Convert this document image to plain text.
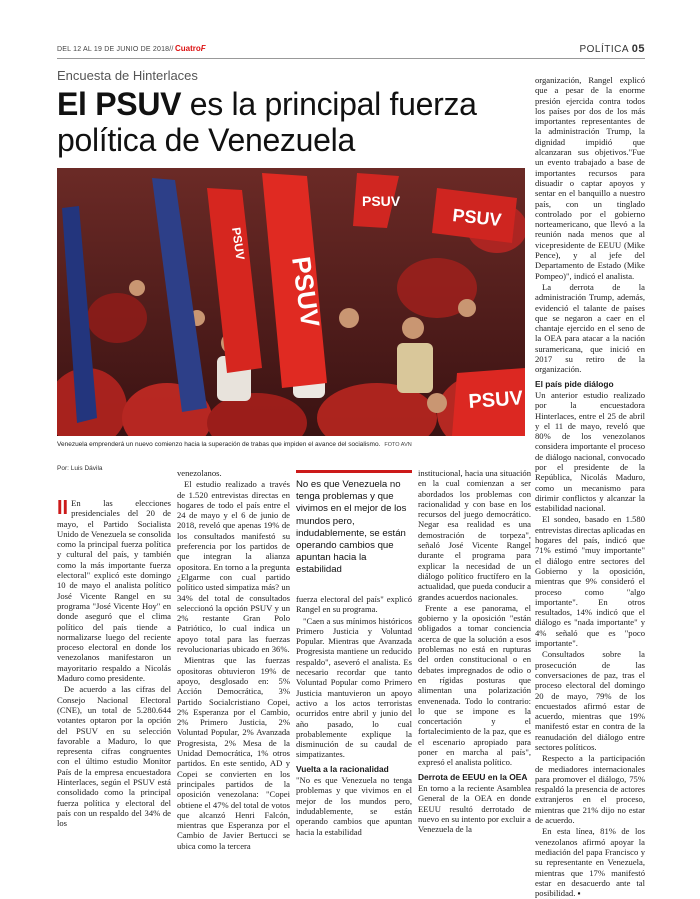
DEL 12 AL 19 DE JUNIO DE 2018// CuatroF	POLÍTICA 05
Encuesta de Hinterlaces
El PSUV es la principal fuerza política de Venezuela
PSUV
PSUV
PSUV
PSUV
PSUV
Venezuela emprenderá un nuevo comienzo hacia la superación de trabas que impiden el avance del socialismo. FOTO AVN
Por: Luis Dávila

II En las elecciones presidenciales del 20 de mayo, el Partido Socialista Unido de Venezuela se consolida como la principal fuerza política y cultural del país, y también como la más importante fuerza electoral" explicó este domingo 10 de mayo el analista político José Vicente Rangel en su programa "José Vicente Hoy" en donde aseguró que el clima político del país tiende a normalizarse luego del reciente proceso electoral en donde los venezolanos manifestaron un mayoritario respaldo a Nicolás Maduro como presidente.

De acuerdo a las cifras del Consejo Nacional Electoral (CNE), un total de 5.280.644 votantes optaron por la opción del PSUV en su selección favorable a Maduro, lo que representa cifras congruentes con el último estudio Monitor País de la empresa encuestadora Hinterlaces, según el PSUV está consolidado como la principal fuerza política y electoral del país con un respaldo del 34% de los

venezolanos.

El estudio realizado a través de 1.520 entrevistas directas en hogares de todo el país entre el 24 de mayo y el 6 de junio de 2018, reveló que apenas 19% de los consultados manifestó su preferencia por los partidos de que integran la alianza opositora. En torno a la pregunta ¿Elgarme con cual partido político usted simpatiza más? un 34% del total de consultados seleccionó la opción PSUV y un 2% restante Gran Polo Patriótico, lo cual indica un apoyo total para las fuerzas revolucionarias ubicado en 36%.

Mientras que las fuerzas opositoras obtuvieron 19% de apoyo, desglosado en: 5% Acción Democrática, 3% Partido Socialcristiano Copei, 2% Esperanza por el Cambio, 2% Primero Justicia, 2% Voluntad Popular, 2% Avanzada Progresista, 2% Mesa de la Unidad Democrática, 1% otros partidos. En este sentido, AD y Copei se convierten en los principales partidos de la oposición venezolana: "Copei obtiene el 47% del total de votos que alcanzó Henri Falcón, mientras que Esperanza por el Cambio de Javier Bertucci se ubica como la tercera

No es que Venezuela no tenga problemas y que vivimos en el mejor de los mundos pero, indudablemente, se están operando cambios que apuntan hacia la estabilidad

fuerza electoral del país" explicó Rangel en su programa.

"Caen a sus mínimos históricos Primero Justicia y Voluntad Popular. Mientras que Avanzada Progresista mantiene un reducido respaldo", aseveró el analista. Es necesario recordar que tanto Voluntad Popular como Primero Justicia mantuvieron un apoyo activo a los actos terroristas ocurridos entre abril y junio del año pasado, lo cual probablemente explique la disminución de su caudal de simpatizantes.

Vuelta a la racionalidad

"No es que Venezuela no tenga problemas y que vivimos en el mejor de los mundos pero, indudablemente, se están operando cambios que apuntan hacia la estabilidad

institucional, hacia una situación en la cual comienzan a ser abordados los problemas con racionalidad y con base en los recursos del juego democrático. Negar esa realidad es una demostración de torpeza", señaló José Vicente Rangel durante el programa para explicar la necesidad de un diálogo político fructífero en la actualidad, que pueda conducir a grandes acuerdos nacionales.

Frente a ese panorama, el gobierno y la oposición "están obligados a tomar conciencia acerca de que la solución a esos problemas no está en rupturas del orden constitucional o en debates impregnados de odio o en rígidas posturas que alimentan una polarización envenenada. Todo lo contrario: lo que se impone es la concertación y el fortalecimiento de la paz, que es el escenario apropiado para poner en marcha al país", expresó el analista político.

Derrota de EEUU en la OEA

En torno a la reciente Asamblea General de la OEA en donde EEUU resultó derrotado de nuevo en su intento por excluir a Venezuela de la

organización, Rangel explicó que a pesar de la enorme presión ejercida contra todos los países por dos de los más importantes representantes de la administración Trump, la dignidad impidió que alcanzaran sus objetivos."Fue un evento trabajado a base de importantes recursos para disuadir o captar apoyos y sentar en el banquillo a nuestro país, con un tinglado controlado por el gobierno norteamericano, que llevó a la reunión nada menos que al vicepresidente de EEUU (Mike Pence), y al jefe del Departamento de Estado (Mike Pompeo)", indicó el analista.

La derrota de la administración Trump, además, evidenció el talante de países que se negaron a caer en el chantaje ejercido en el seno de la OEA para atacar a la nación suramericana, que inició en 2017 su retiro de la organización.

El país pide diálogo

Un anterior estudio realizado por la encuestadora Hinterlaces, entre el 25 de abril y el 11 de mayo, reveló que 80% de los venezolanos considera importante el proceso de diálogo nacional, convocado por el presidente de la República, Nicolás Maduro, como un mecanismo para dirimir conflictos y alcanzar la estabilidad nacional.

El sondeo, basado en 1.580 entrevistas directas aplicadas en hogares del país, indicó que 71% estimó "muy importante" el diálogo entre sectores del Gobierno y la oposición, mientras que 9% consideró el proceso como "algo importante". En otros resultados, 14% indicó que el diálogo es "nada importante" y 4% señaló que es "poco importante".

Consultados sobre la prosecución de las conversaciones de paz, tras el proceso electoral del domingo 20 de mayo, 79% de los encuestados afirmó estar de acuerdo, mientras que 19% manifestó estar en contra de la reanudación del diálogo entre sectores políticos.

Respecto a la participación de mediadores internacionales para promover el diálogo, 75% respaldó la presencia de actores extranjeros en el proceso, mientras que 21% dijo no estar de acuerdo.

En esta línea, 81% de los venezolanos afirmó apoyar la mediación del papa Francisco y su representante en Venezuela, mientras que 17% manifestó estar en desacuerdo ante tal posibilidad. ▪
